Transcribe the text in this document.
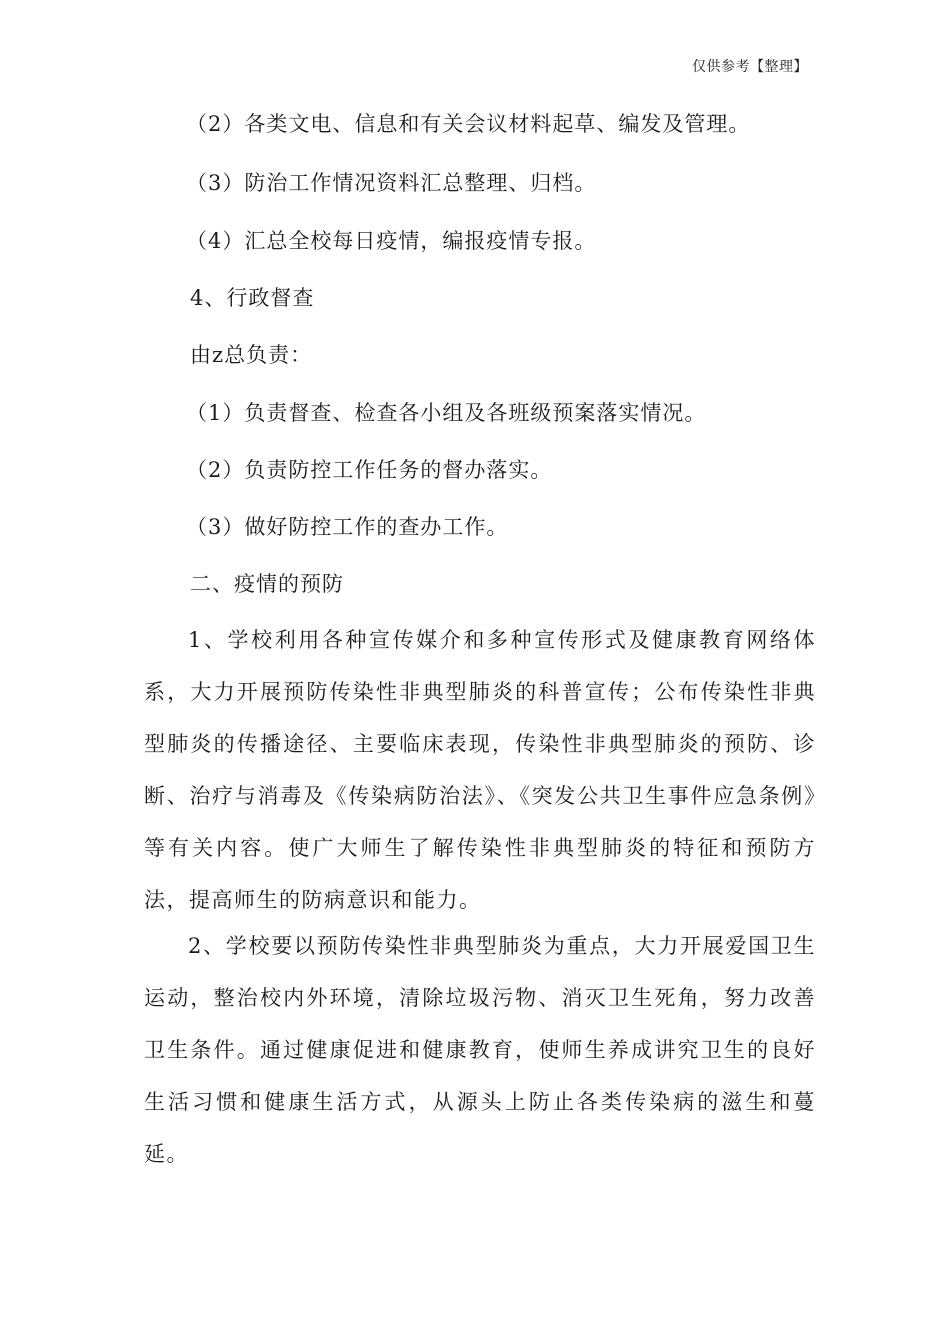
仅供参考【整理】
（2）各类文电、信息和有关会议材料起草、编发及管理。
（3）防治工作情况资料汇总整理、归档。
（4）汇总全校每日疫情，编报疫情专报。
4、行政督查
由z总负责：
（1）负责督查、检查各小组及各班级预案落实情况。
（2）负责防控工作任务的督办落实。
（3）做好防控工作的查办工作。
二、疫情的预防
1、学校利用各种宣传媒介和多种宣传形式及健康教育网络体系，大力开展预防传染性非典型肺炎的科普宣传；公布传染性非典型肺炎的传播途径、主要临床表现，传染性非典型肺炎的预防、诊断、治疗与消毒及《传染病防治法》、《突发公共卫生事件应急条例》等有关内容。使广大师生了解传染性非典型肺炎的特征和预防方法，提高师生的防病意识和能力。
2、学校要以预防传染性非典型肺炎为重点，大力开展爱国卫生运动，整治校内外环境，清除垃圾污物、消灭卫生死角，努力改善卫生条件。通过健康促进和健康教育，使师生养成讲究卫生的良好生活习惯和健康生活方式，从源头上防止各类传染病的滋生和蔓延。
